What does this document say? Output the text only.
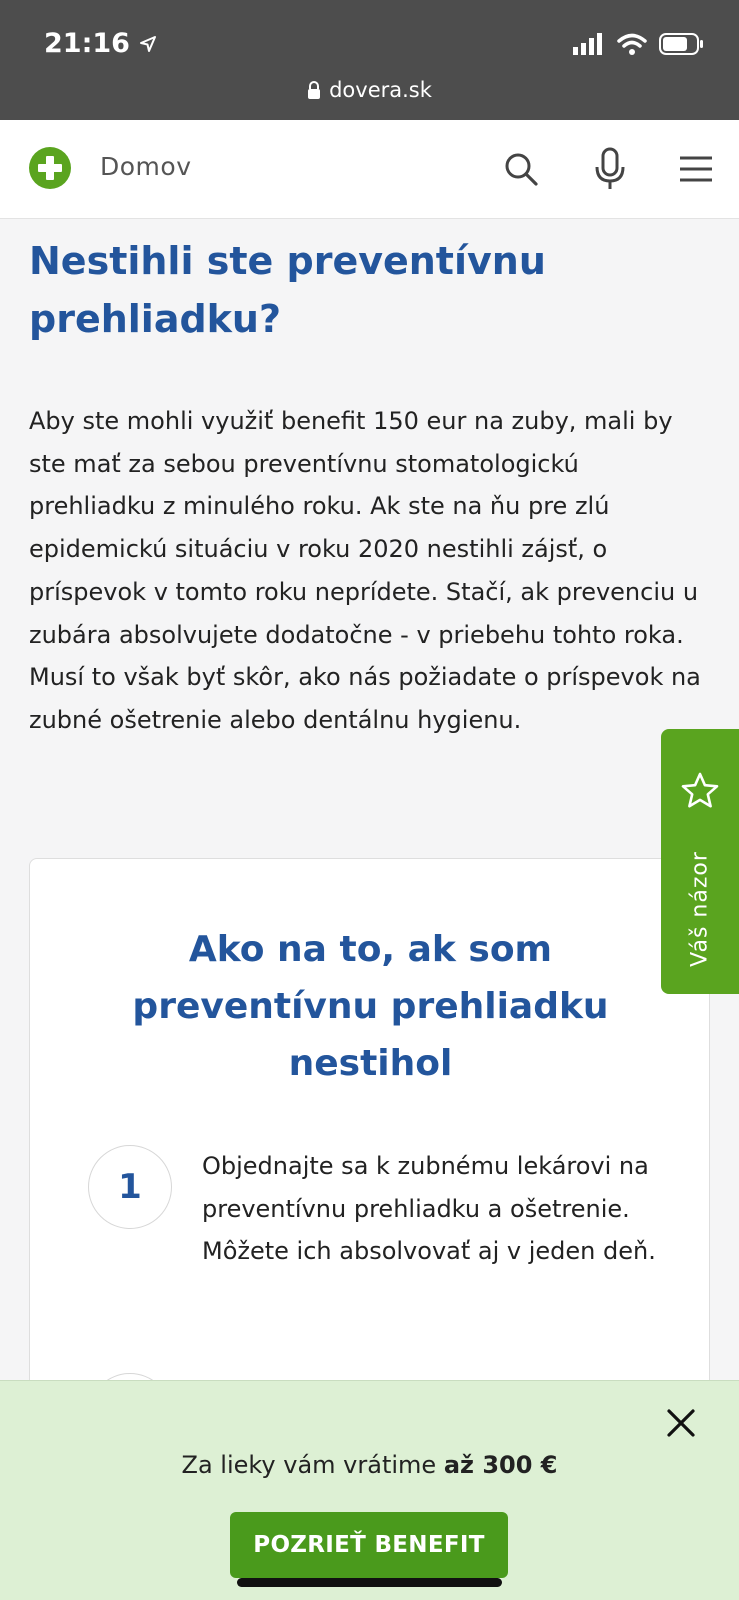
21:16
dovera.sk
Domov
Nestihli ste preventívnu prehliadku?

Aby ste mohli využiť benefit 150 eur na zuby, mali by ste mať za sebou preventívnu stomatologickú prehliadku z minulého roku. Ak ste na ňu pre zlú epidemickú situáciu v roku 2020 nestihli zájsť, o príspevok v tomto roku neprídete. Stačí, ak prevenciu u zubára absolvujete dodatočne - v priebehu tohto roka. Musí to však byť skôr, ako nás požiadate o príspevok na zubné ošetrenie alebo dentálnu hygienu.

Ako na to, ak som preventívnu prehliadku nestihol
1
Objednajte sa k zubnému lekárovi na preventívnu prehliadku a ošetrenie. Môžete ich absolvovať aj v jeden deň.
Váš názor
Za lieky vám vrátime až 300 €
POZRIEŤ BENEFIT
